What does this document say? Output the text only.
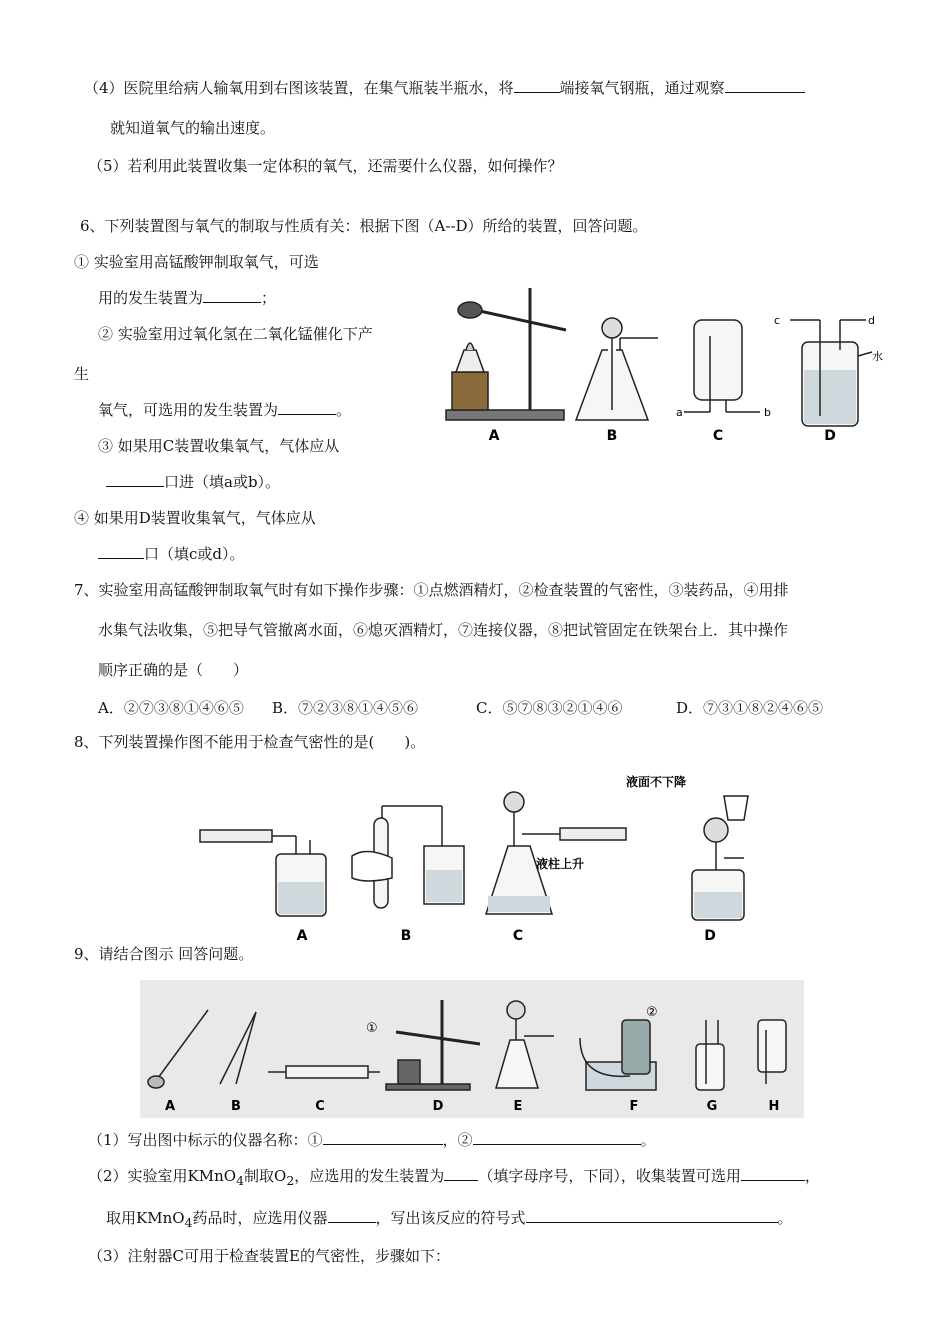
（4）医院里给病人输氧用到右图该装置，在集气瓶装半瓶水，将	端接氧气钢瓶，通过观察
就知道氧气的输出速度。
（5）若利用此装置收集一定体积的氧气，还需要什么仪器，如何操作？
6、下列装置图与氧气的制取与性质有关：根据下图（A--D）所给的装置，回答问题。
① 实验室用高锰酸钾制取氧气，可选
用的发生装置为	；
② 实验室用过氧化氢在二氧化锰催化下产
生
氧气，可选用的发生装置为	。
③ 如果用C装置收集氧气，气体应从
口进（填a或b）。
④ 如果用D装置收集氧气，气体应从
口（填c或d）。
A	B	C	D
a	b
c	d
水
7、实验室用高锰酸钾制取氧气时有如下操作步骤：①点燃酒精灯，②检查装置的气密性，③装药品，④用排
水集气法收集，⑤把导气管撤离水面，⑥熄灭酒精灯，⑦连接仪器，⑧把试管固定在铁架台上．其中操作
顺序正确的是（　　）
A．②⑦③⑧①④⑥⑤ B．⑦②③⑧①④⑤⑥	C．⑤⑦⑧③②①④⑥	D．⑦③①⑧②④⑥⑤
8、下列装置操作图不能用于检查气密性的是(　　)。
A	B	C	D
液柱上升
液面不下降
9、请结合图示 回答问题。
A	B	C	D	E	F	G	H
①
②
（1）写出图中标示的仪器名称：①	，②	。
（2）实验室用KMnO$_4$制取$O_2$，应选用的发生装置为 （填字母序号，下同），收集装置可选用	，
取用KMnO$_4$药品时，应选用仪器	，写出该反应的符号式	。
（3）注射器C可用于检查装置E的气密性，步骤如下：
